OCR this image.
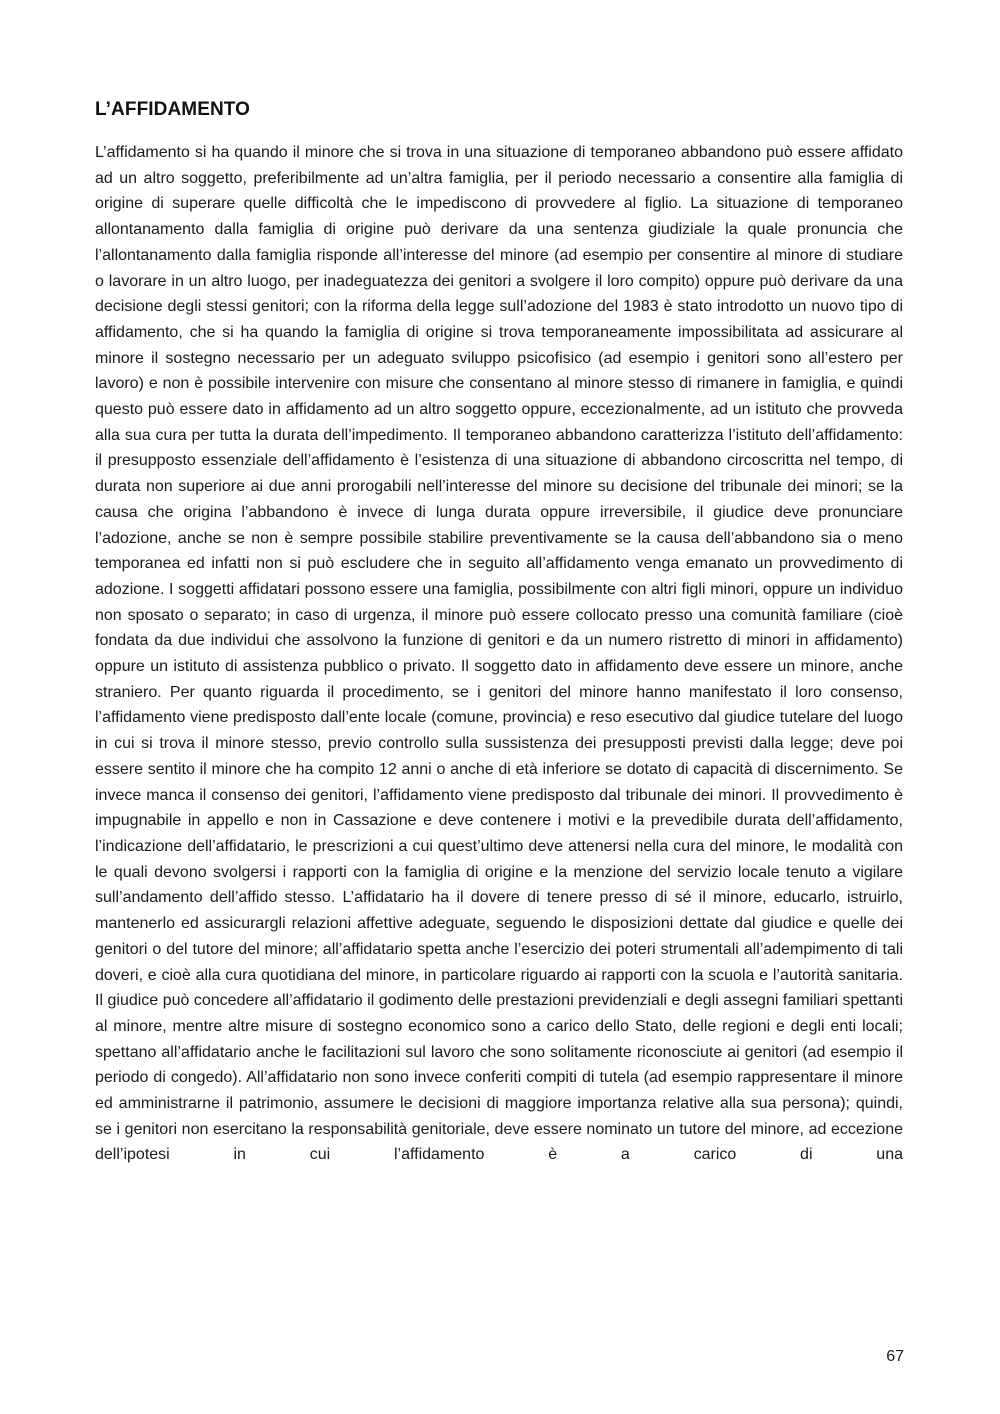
L’AFFIDAMENTO

L’affidamento si ha quando il minore che si trova in una situazione di temporaneo abbandono può essere affidato ad un altro soggetto, preferibilmente ad un’altra famiglia, per il periodo necessario a consentire alla famiglia di origine di superare quelle difficoltà che le impediscono di provvedere al figlio. La situazione di temporaneo allontanamento dalla famiglia di origine può derivare da una sentenza giudiziale la quale pronuncia che l’allontanamento dalla famiglia risponde all’interesse del minore (ad esempio per consentire al minore di studiare o lavorare in un altro luogo, per inadeguatezza dei genitori a svolgere il loro compito) oppure può derivare da una decisione degli stessi genitori; con la riforma della legge sull’adozione del 1983 è stato introdotto un nuovo tipo di affidamento, che si ha quando la famiglia di origine si trova temporaneamente impossibilitata ad assicurare al minore il sostegno necessario per un adeguato sviluppo psicofisico (ad esempio i genitori sono all’estero per lavoro) e non è possibile intervenire con misure che consentano al minore stesso di rimanere in famiglia, e quindi questo può essere dato in affidamento ad un altro soggetto oppure, eccezionalmente, ad un istituto che provveda alla sua cura per tutta la durata dell’impedimento. Il temporaneo abbandono caratterizza l’istituto dell’affidamento: il presupposto essenziale dell’affidamento è l’esistenza di una situazione di abbandono circoscritta nel tempo, di durata non superiore ai due anni prorogabili nell’interesse del minore su decisione del tribunale dei minori; se la causa che origina l’abbandono è invece di lunga durata oppure irreversibile, il giudice deve pronunciare l’adozione, anche se non è sempre possibile stabilire preventivamente se la causa dell’abbandono sia o meno temporanea ed infatti non si può escludere che in seguito all’affidamento venga emanato un provvedimento di adozione. I soggetti affidatari possono essere una famiglia, possibilmente con altri figli minori, oppure un individuo non sposato o separato; in caso di urgenza, il minore può essere collocato presso una comunità familiare (cioè fondata da due individui che assolvono la funzione di genitori e da un numero ristretto di minori in affidamento) oppure un istituto di assistenza pubblico o privato. Il soggetto dato in affidamento deve essere un minore, anche straniero. Per quanto riguarda il procedimento, se i genitori del minore hanno manifestato il loro consenso, l’affidamento viene predisposto dall’ente locale (comune, provincia) e reso esecutivo dal giudice tutelare del luogo in cui si trova il minore stesso, previo controllo sulla sussistenza dei presupposti previsti dalla legge; deve poi essere sentito il minore che ha compito 12 anni o anche di età inferiore se dotato di capacità di discernimento. Se invece manca il consenso dei genitori, l’affidamento viene predisposto dal tribunale dei minori. Il provvedimento è impugnabile in appello e non in Cassazione e deve contenere i motivi e la prevedibile durata dell’affidamento, l’indicazione dell’affidatario, le prescrizioni a cui quest’ultimo deve attenersi nella cura del minore, le modalità con le quali devono svolgersi i rapporti con la famiglia di origine e la menzione del servizio locale tenuto a vigilare sull’andamento dell’affido stesso. L’affidatario ha il dovere di tenere presso di sé il minore, educarlo, istruirlo, mantenerlo ed assicurargli relazioni affettive adeguate, seguendo le disposizioni dettate dal giudice e quelle dei genitori o del tutore del minore; all’affidatario spetta anche l’esercizio dei poteri strumentali all’adempimento di tali doveri, e cioè alla cura quotidiana del minore, in particolare riguardo ai rapporti con la scuola e l’autorità sanitaria. Il giudice può concedere all’affidatario il godimento delle prestazioni previdenziali e degli assegni familiari spettanti al minore, mentre altre misure di sostegno economico sono a carico dello Stato, delle regioni e degli enti locali; spettano all’affidatario anche le facilitazioni sul lavoro che sono solitamente riconosciute ai genitori (ad esempio il periodo di congedo). All’affidatario non sono invece conferiti compiti di tutela (ad esempio rappresentare il minore ed amministrarne il patrimonio, assumere le decisioni di maggiore importanza relative alla sua persona); quindi, se i genitori non esercitano la responsabilità genitoriale, deve essere nominato un tutore del minore, ad eccezione dell’ipotesi in cui l’affidamento è a carico di una

67
